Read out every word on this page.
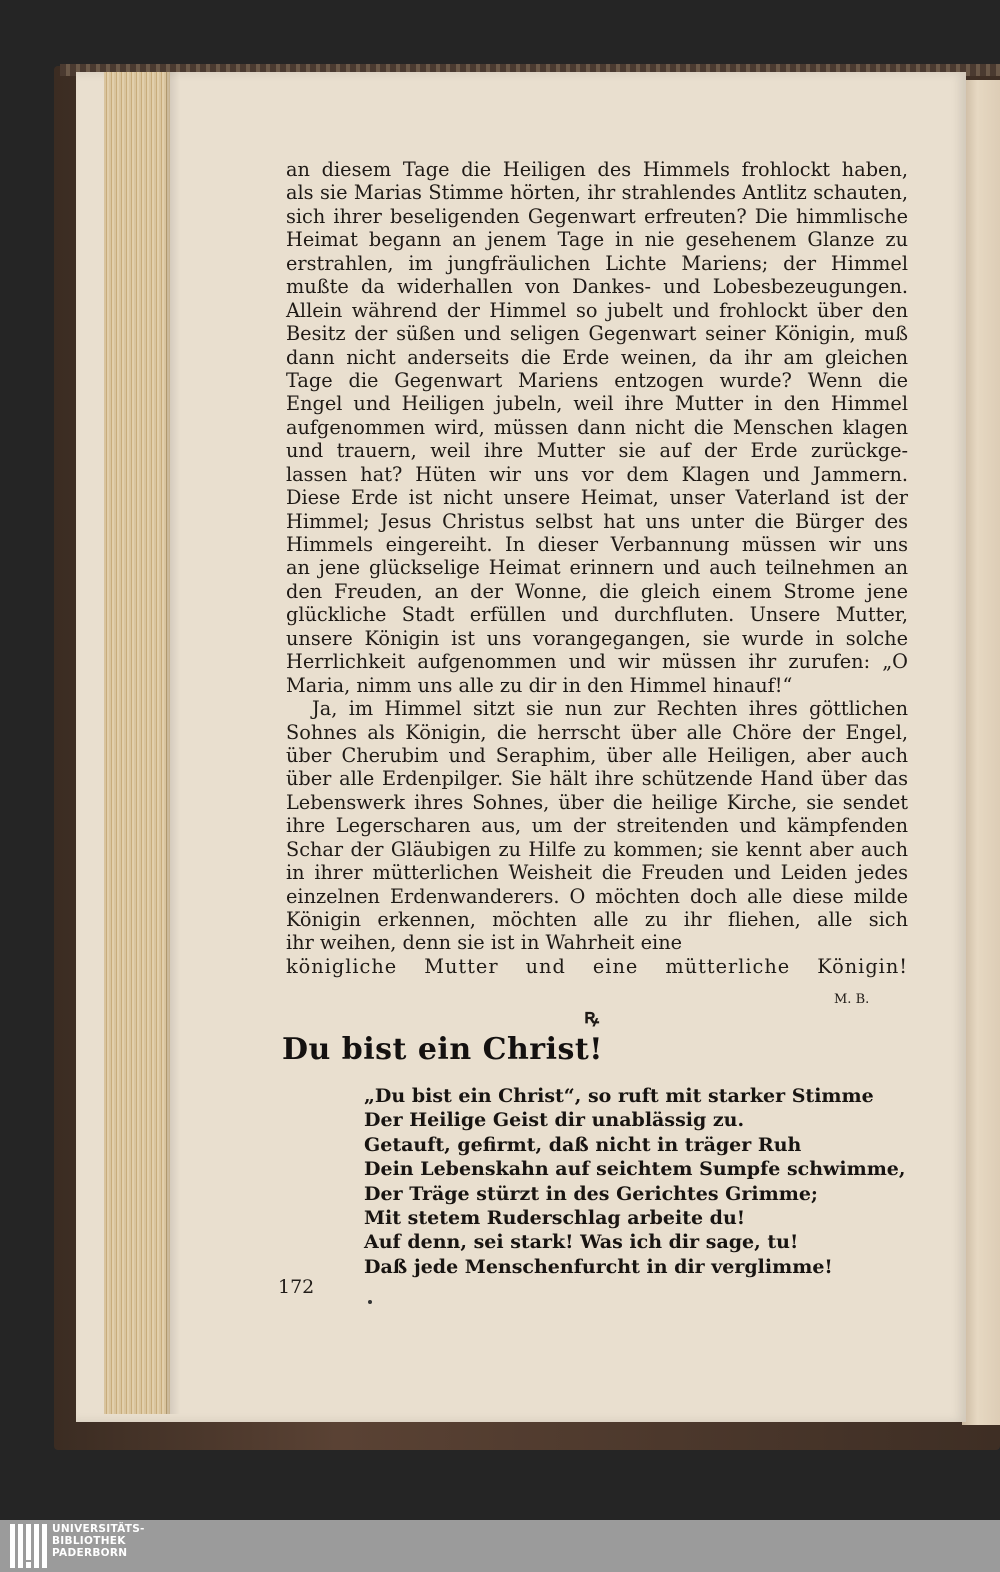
an diesem Tage die Heiligen des Himmels frohlockt haben,
als sie Marias Stimme hörten, ihr strahlendes Antlitz schauten,
sich ihrer beseligenden Gegenwart erfreuten? Die himmlische
Heimat begann an jenem Tage in nie gesehenem Glanze zu
erstrahlen, im jungfräulichen Lichte Mariens; der Himmel
mußte da widerhallen von Dankes- und Lobesbezeugungen.
Allein während der Himmel so jubelt und frohlockt über den
Besitz der süßen und seligen Gegenwart seiner Königin, muß
dann nicht anderseits die Erde weinen, da ihr am gleichen
Tage die Gegenwart Mariens entzogen wurde? Wenn die
Engel und Heiligen jubeln, weil ihre Mutter in den Himmel
aufgenommen wird, müssen dann nicht die Menschen klagen
und trauern, weil ihre Mutter sie auf der Erde zurückge-
lassen hat? Hüten wir uns vor dem Klagen und Jammern.
Diese Erde ist nicht unsere Heimat, unser Vaterland ist der
Himmel; Jesus Christus selbst hat uns unter die Bürger des
Himmels eingereiht. In dieser Verbannung müssen wir uns
an jene glückselige Heimat erinnern und auch teilnehmen an
den Freuden, an der Wonne, die gleich einem Strome jene
glückliche Stadt erfüllen und durchfluten. Unsere Mutter,
unsere Königin ist uns vorangegangen, sie wurde in solche
Herrlichkeit aufgenommen und wir müssen ihr zurufen: „O
Maria, nimm uns alle zu dir in den Himmel hinauf!“
Ja, im Himmel sitzt sie nun zur Rechten ihres göttlichen
Sohnes als Königin, die herrscht über alle Chöre der Engel,
über Cherubim und Seraphim, über alle Heiligen, aber auch
über alle Erdenpilger. Sie hält ihre schützende Hand über das
Lebenswerk ihres Sohnes, über die heilige Kirche, sie sendet
ihre Legerscharen aus, um der streitenden und kämpfenden
Schar der Gläubigen zu Hilfe zu kommen; sie kennt aber auch
in ihrer mütterlichen Weisheit die Freuden und Leiden jedes
einzelnen Erdenwanderers. O möchten doch alle diese milde
Königin erkennen, möchten alle zu ihr fliehen, alle sich
ihr weihen, denn sie ist in Wahrheit eine
königliche Mutter und eine mütterliche Königin!
ꝶ
M. B.
Du bist ein Christ!
„Du bist ein Christ“, so ruft mit starker Stimme
Der Heilige Geist dir unablässig zu.
Getauft, gefirmt, daß nicht in träger Ruh
Dein Lebenskahn auf seichtem Sumpfe schwimme,
Der Träge stürzt in des Gerichtes Grimme;
Mit stetem Ruderschlag arbeite du!
Auf denn, sei stark! Was ich dir sage, tu!
Daß jede Menschenfurcht in dir verglimme!
172
UNIVERSITÄTS-
BIBLIOTHEK
PADERBORN
